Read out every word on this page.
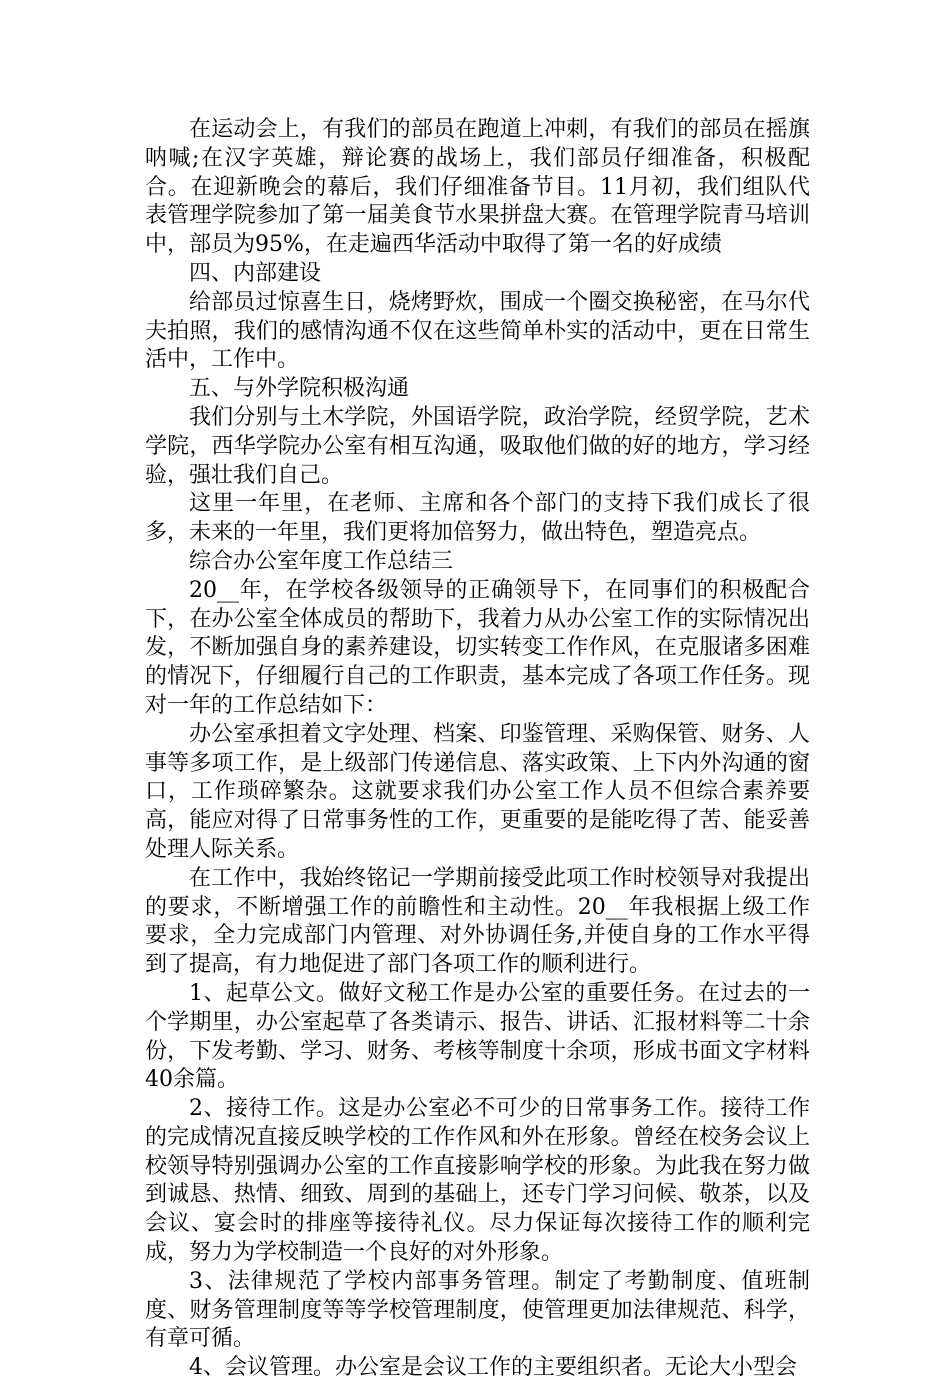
在运动会上，有我们的部员在跑道上冲刺，有我们的部员在摇旗呐喊;在汉字英雄，辩论赛的战场上，我们部员仔细准备，积极配合。在迎新晚会的幕后，我们仔细准备节目。11月初，我们组队代表管理学院参加了第一届美食节水果拼盘大赛。在管理学院青马培训中，部员为95%，在走遍西华活动中取得了第一名的好成绩

四、内部建设

给部员过惊喜生日，烧烤野炊，围成一个圈交换秘密，在马尔代夫拍照，我们的感情沟通不仅在这些简单朴实的活动中，更在日常生活中，工作中。

五、与外学院积极沟通

我们分别与土木学院，外国语学院，政治学院，经贸学院，艺术学院，西华学院办公室有相互沟通，吸取他们做的好的地方，学习经验，强壮我们自己。

这里一年里，在老师、主席和各个部门的支持下我们成长了很多，未来的一年里，我们更将加倍努力，做出特色，塑造亮点。

综合办公室年度工作总结三

20__年，在学校各级领导的正确领导下，在同事们的积极配合下，在办公室全体成员的帮助下，我着力从办公室工作的实际情况出发，不断加强自身的素养建设，切实转变工作作风，在克服诸多困难的情况下，仔细履行自己的工作职责，基本完成了各项工作任务。现对一年的工作总结如下：

办公室承担着文字处理、档案、印鉴管理、采购保管、财务、人事等多项工作，是上级部门传递信息、落实政策、上下内外沟通的窗口，工作琐碎繁杂。这就要求我们办公室工作人员不但综合素养要高，能应对得了日常事务性的工作，更重要的是能吃得了苦、能妥善处理人际关系。

在工作中，我始终铭记一学期前接受此项工作时校领导对我提出的要求，不断增强工作的前瞻性和主动性。20__年我根据上级工作要求，全力完成部门内管理、对外协调任务,并使自身的工作水平得到了提高，有力地促进了部门各项工作的顺利进行。

1、起草公文。做好文秘工作是办公室的重要任务。在过去的一个学期里，办公室起草了各类请示、报告、讲话、汇报材料等二十余份，下发考勤、学习、财务、考核等制度十余项，形成书面文字材料40余篇。

2、接待工作。这是办公室必不可少的日常事务工作。接待工作的完成情况直接反映学校的工作作风和外在形象。曾经在校务会议上校领导特别强调办公室的工作直接影响学校的形象。为此我在努力做到诚恳、热情、细致、周到的基础上，还专门学习问候、敬茶，以及会议、宴会时的排座等接待礼仪。尽力保证每次接待工作的顺利完成，努力为学校制造一个良好的对外形象。

3、法律规范了学校内部事务管理。制定了考勤制度、值班制度、财务管理制度等等学校管理制度，使管理更加法律规范、科学，有章可循。

4、会议管理。办公室是会议工作的主要组织者。无论大小型会
